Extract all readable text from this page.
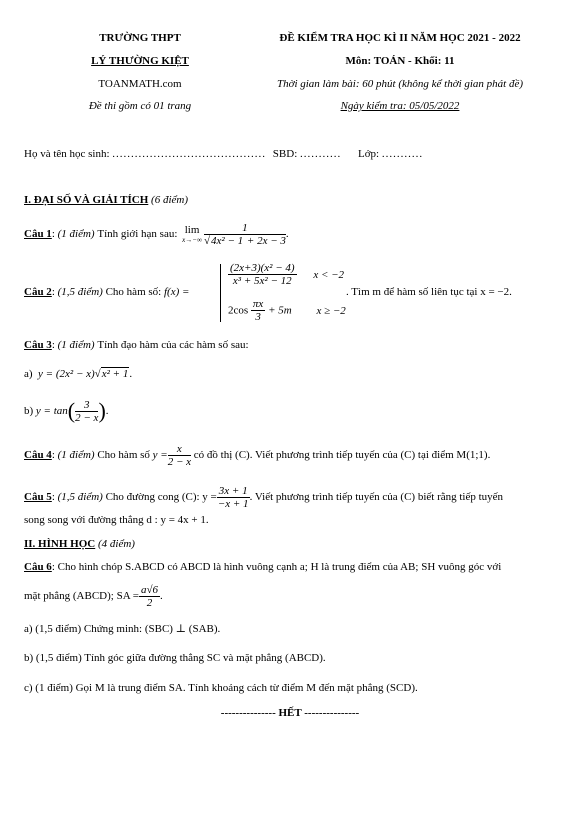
TRƯỜNG THPT
LÝ THƯỜNG KIỆT
TOANMATH.com
Đề thi gồm có 01 trang
ĐỀ KIỂM TRA HỌC KÌ II NĂM HỌC 2021 - 2022
Môn: TOÁN - Khối: 11
Thời gian làm bài: 60 phút (không kể thời gian phát đề)
Ngày kiểm tra: 05/05/2022
Họ và tên học sinh: ......................................... SBD: ........... Lớp: ...........
I. ĐẠI SỐ VÀ GIẢI TÍCH (6 điểm)
Câu 1 : (1 điểm)
Tính giới hạn sau:
lim
$x\to-\infty \frac{1}{\text{√4x² − 1 + 2x − 3}}$ .
Câu 2: (1,5 điểm) Cho hàm số: f(x) =
$\frac{\text{(2x+3)(x² − 4)}}{\text{x³ + 5x² − 12}}$ x < −2
$2\cos \frac{\pi x}{3} + 5m$ x ≥ −2
. Tìm m để hàm số liên tục tại x = −2.
Câu 3: (1 điểm) Tính đạo hàm của các hàm số sau:
a) y = (2x² − x)√x² + 1.
b)
y = tan ( $\frac{3}{2 - x}$ ) .
Câu 4 : (1 điểm)
Cho hàm số
$y = \frac{x}{2 - x}$
có đồ thị (C). Viết phương trình tiếp tuyến của (C) tại điểm M(1;1).
Câu 5 : (1,5 điểm)
Cho đường cong (C): $y = \frac{3x + 1}{-x + 1}$ . Viết phương trình tiếp tuyến của (C) biết rằng tiếp tuyến
song song với đường thẳng d : y = 4x + 1.
II. HÌNH HỌC (4 điểm)
Câu 6: Cho hình chóp S.ABCD có ABCD là hình vuông cạnh a; H là trung điểm của AB; SH vuông góc với
mặt phẳng (ABCD); SA = $\frac{a√6}{2}$ .
a) (1,5 điểm) Chứng minh: (SBC) ⊥ (SAB).
b) (1,5 điểm) Tính góc giữa đường thẳng SC và mặt phẳng (ABCD).
c) (1 điểm) Gọi M là trung điểm SA. Tính khoảng cách từ điểm M đến mặt phẳng (SCD).
--------------- HẾT ---------------
